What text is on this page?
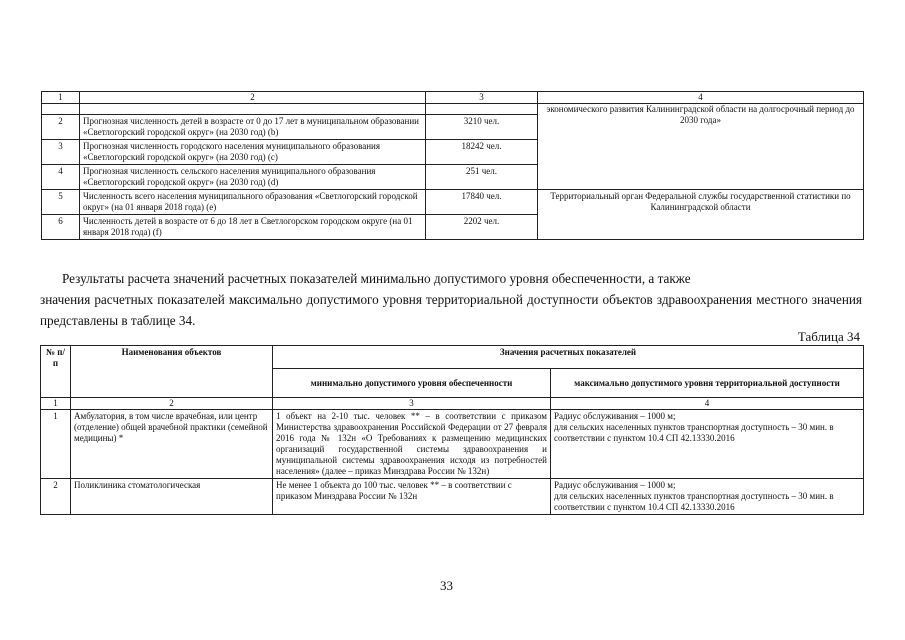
1	2	3	4
			экономического развития Калининградской области на долгосрочный период до 2030 года»
2	Прогнозная численность детей в возрасте от 0 до 17 лет в муниципальном образовании «Светлогорский городской округ» (на 2030 год) (b)	3210 чел.	
3	Прогнозная численность городского населения муниципального образования «Светлогорский городской округ» (на 2030 год) (c)	18242 чел.	
4	Прогнозная численность сельского населения муниципального образования «Светлогорский городской округ» (на 2030 год) (d)	251 чел.	
5	Численность всего населения муниципального образования «Светлогорский городской округ» (на 01 января 2018 года) (e)	17840 чел.	Территориальный орган Федеральной службы государственной статистики по Калининградской области
6	Численность детей в возрасте от 6 до 18 лет в Светлогорском городском округе (на 01 января 2018 года) (f)	2202 чел.	

Результаты расчета значений расчетных показателей минимально допустимого уровня обеспеченности, а также
значения расчетных показателей максимально допустимого уровня территориальной доступности объектов здравоохранения местного значения представлены в таблице 34.

Таблица 34
№ п/п	Наименования объектов	Значения расчетных показателей	
		минимально допустимого уровня обеспеченности	максимально допустимого уровня территориальной доступности
1	2	3	4
1	Амбулатория, в том числе врачебная, или центр (отделение) общей врачебной практики (семейной медицины) *	1 объект на 2-10 тыс. человек ** – в соответствии с приказом Министерства здравоохранения Российской Федерации от 27 февраля 2016 года № 132н «О Требованиях к размещению медицинских организаций государственной системы здравоохранения и муниципальной системы здравоохранения исходя из потребностей населения» (далее – приказ Минздрава России № 132н)	Радиус обслуживания – 1000 м;
для сельских населенных пунктов транспортная доступность – 30 мин. в соответствии с пунктом 10.4 СП 42.13330.2016

2	Поликлиника стоматологическая	Не менее 1 объекта до 100 тыс. человек ** – в соответствии с приказом Минздрава России № 132н	Радиус обслуживания – 1000 м;
для сельских населенных пунктов транспортная доступность – 30 мин. в соответствии с пунктом 10.4 СП 42.13330.2016
33
